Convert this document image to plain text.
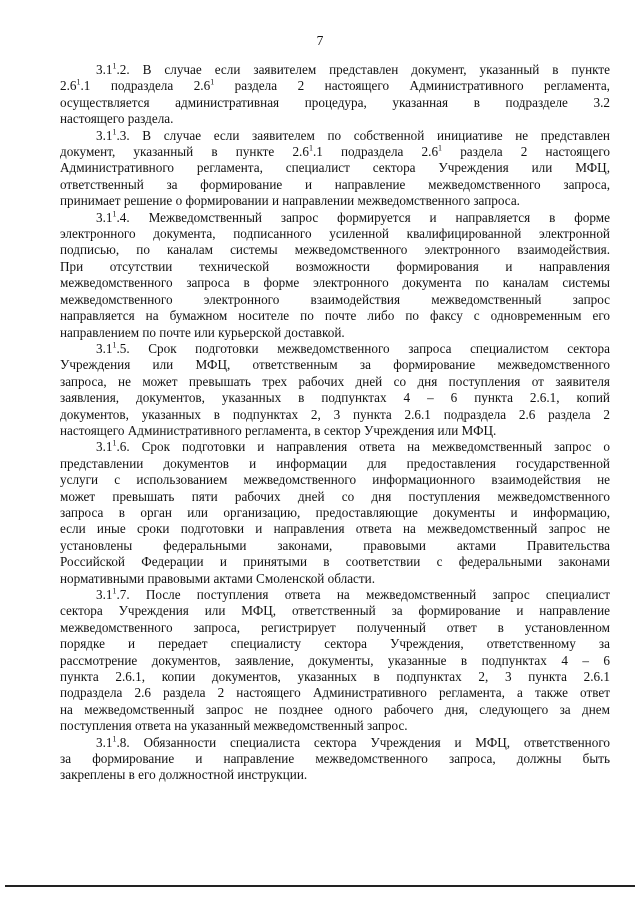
7

$3.1^1.2$. В случае если заявителем представлен документ, указанный в пункте
$2.6^1.1$ подраздела $2.6^1$ раздела 2 настоящего Административного регламента,
осуществляется административная процедура, указанная в подразделе 3.2
настоящего раздела.

$3.1^1.3$. В случае если заявителем по собственной инициативе не представлен
документ, указанный в пункте $2.6^1.1$ подраздела $2.6^1$ раздела 2 настоящего
Административного регламента, специалист сектора Учреждения или МФЦ,
ответственный за формирование и направление межведомственного запроса,
принимает решение о формировании и направлении межведомственного запроса.

$3.1^1.4$. Межведомственный запрос формируется и направляется в форме
электронного документа, подписанного усиленной квалифицированной электронной
подписью, по каналам системы межведомственного электронного взаимодействия.
При отсутствии технической возможности формирования и направления
межведомственного запроса в форме электронного документа по каналам системы
межведомственного электронного взаимодействия межведомственный запрос
направляется на бумажном носителе по почте либо по факсу с одновременным его
направлением по почте или курьерской доставкой.

$3.1^1.5$. Срок подготовки межведомственного запроса специалистом сектора
Учреждения или МФЦ, ответственным за формирование межведомственного
запроса, не может превышать трех рабочих дней со дня поступления от заявителя
заявления, документов, указанных в подпунктах 4 – 6 пункта 2.6.1, копий
документов, указанных в подпунктах 2, 3 пункта 2.6.1 подраздела 2.6 раздела 2
настоящего Административного регламента, в сектор Учреждения или МФЦ.

$3.1^1.6$. Срок подготовки и направления ответа на межведомственный запрос о
представлении документов и информации для предоставления государственной
услуги с использованием межведомственного информационного взаимодействия не
может превышать пяти рабочих дней со дня поступления межведомственного
запроса в орган или организацию, предоставляющие документы и информацию,
если иные сроки подготовки и направления ответа на межведомственный запрос не
установлены федеральными законами, правовыми актами Правительства
Российской Федерации и принятыми в соответствии с федеральными законами
нормативными правовыми актами Смоленской области.

$3.1^1.7$. После поступления ответа на межведомственный запрос специалист
сектора Учреждения или МФЦ, ответственный за формирование и направление
межведомственного запроса, регистрирует полученный ответ в установленном
порядке и передает специалисту сектора Учреждения, ответственному за
рассмотрение документов, заявление, документы, указанные в подпунктах 4 – 6
пункта 2.6.1, копии документов, указанных в подпунктах 2, 3 пункта 2.6.1
подраздела 2.6 раздела 2 настоящего Административного регламента, а также ответ
на межведомственный запрос не позднее одного рабочего дня, следующего за днем
поступления ответа на указанный межведомственный запрос.

$3.1^1.8$. Обязанности специалиста сектора Учреждения и МФЦ, ответственного
за формирование и направление межведомственного запроса, должны быть
закреплены в его должностной инструкции.
